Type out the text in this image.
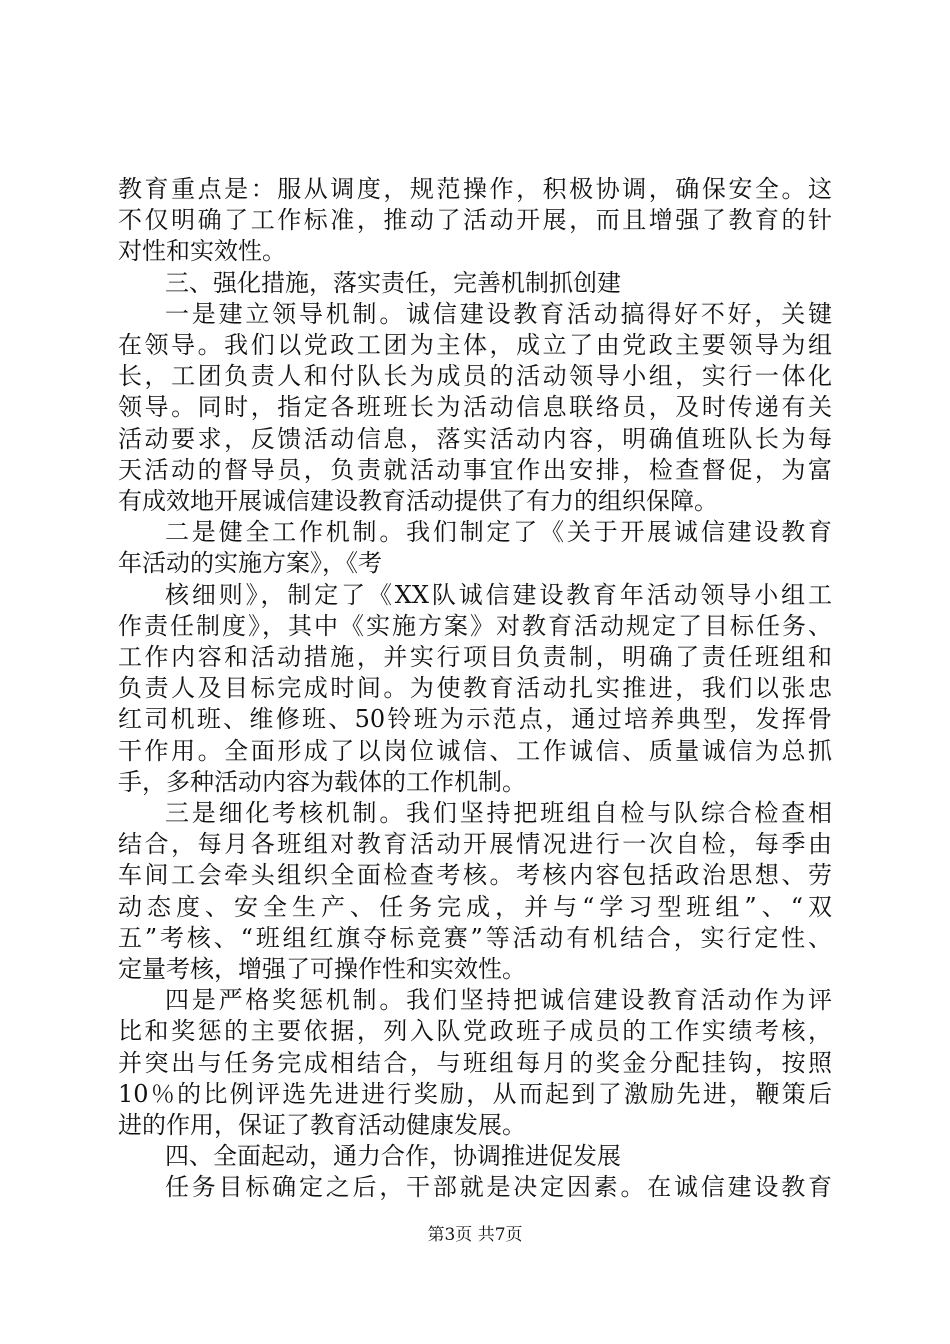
教育重点是：服从调度，规范操作，积极协调，确保安全。这
不仅明确了工作标准，推动了活动开展，而且增强了教育的针
对性和实效性。
三、强化措施，落实责任，完善机制抓创建
一是建立领导机制。诚信建设教育活动搞得好不好，关键
在领导。我们以党政工团为主体，成立了由党政主要领导为组
长，工团负责人和付队长为成员的活动领导小组，实行一体化
领导。同时，指定各班班长为活动信息联络员，及时传递有关
活动要求，反馈活动信息，落实活动内容，明确值班队长为每
天活动的督导员，负责就活动事宜作出安排，检查督促，为富
有成效地开展诚信建设教育活动提供了有力的组织保障。
二是健全工作机制。我们制定了《关于开展诚信建设教育
年活动的实施方案》，《考
核细则》，制定了《XX队诚信建设教育年活动领导小组工
作责任制度》，其中《实施方案》对教育活动规定了目标任务、
工作内容和活动措施，并实行项目负责制，明确了责任班组和
负责人及目标完成时间。为使教育活动扎实推进，我们以张忠
红司机班、维修班、50铃班为示范点，通过培养典型，发挥骨
干作用。全面形成了以岗位诚信、工作诚信、质量诚信为总抓
手，多种活动内容为载体的工作机制。
三是细化考核机制。我们坚持把班组自检与队综合检查相
结合，每月各班组对教育活动开展情况进行一次自检，每季由
车间工会牵头组织全面检查考核。考核内容包括政治思想、劳
动态度、安全生产、任务完成，并与“学习型班组”、“双
五”考核、“班组红旗夺标竞赛”等活动有机结合，实行定性、
定量考核，增强了可操作性和实效性。
四是严格奖惩机制。我们坚持把诚信建设教育活动作为评
比和奖惩的主要依据，列入队党政班子成员的工作实绩考核，
并突出与任务完成相结合，与班组每月的奖金分配挂钩，按照
10％的比例评选先进进行奖励，从而起到了激励先进，鞭策后
进的作用，保证了教育活动健康发展。
四、全面起动，通力合作，协调推进促发展
任务目标确定之后，干部就是决定因素。在诚信建设教育
第3页 共7页
